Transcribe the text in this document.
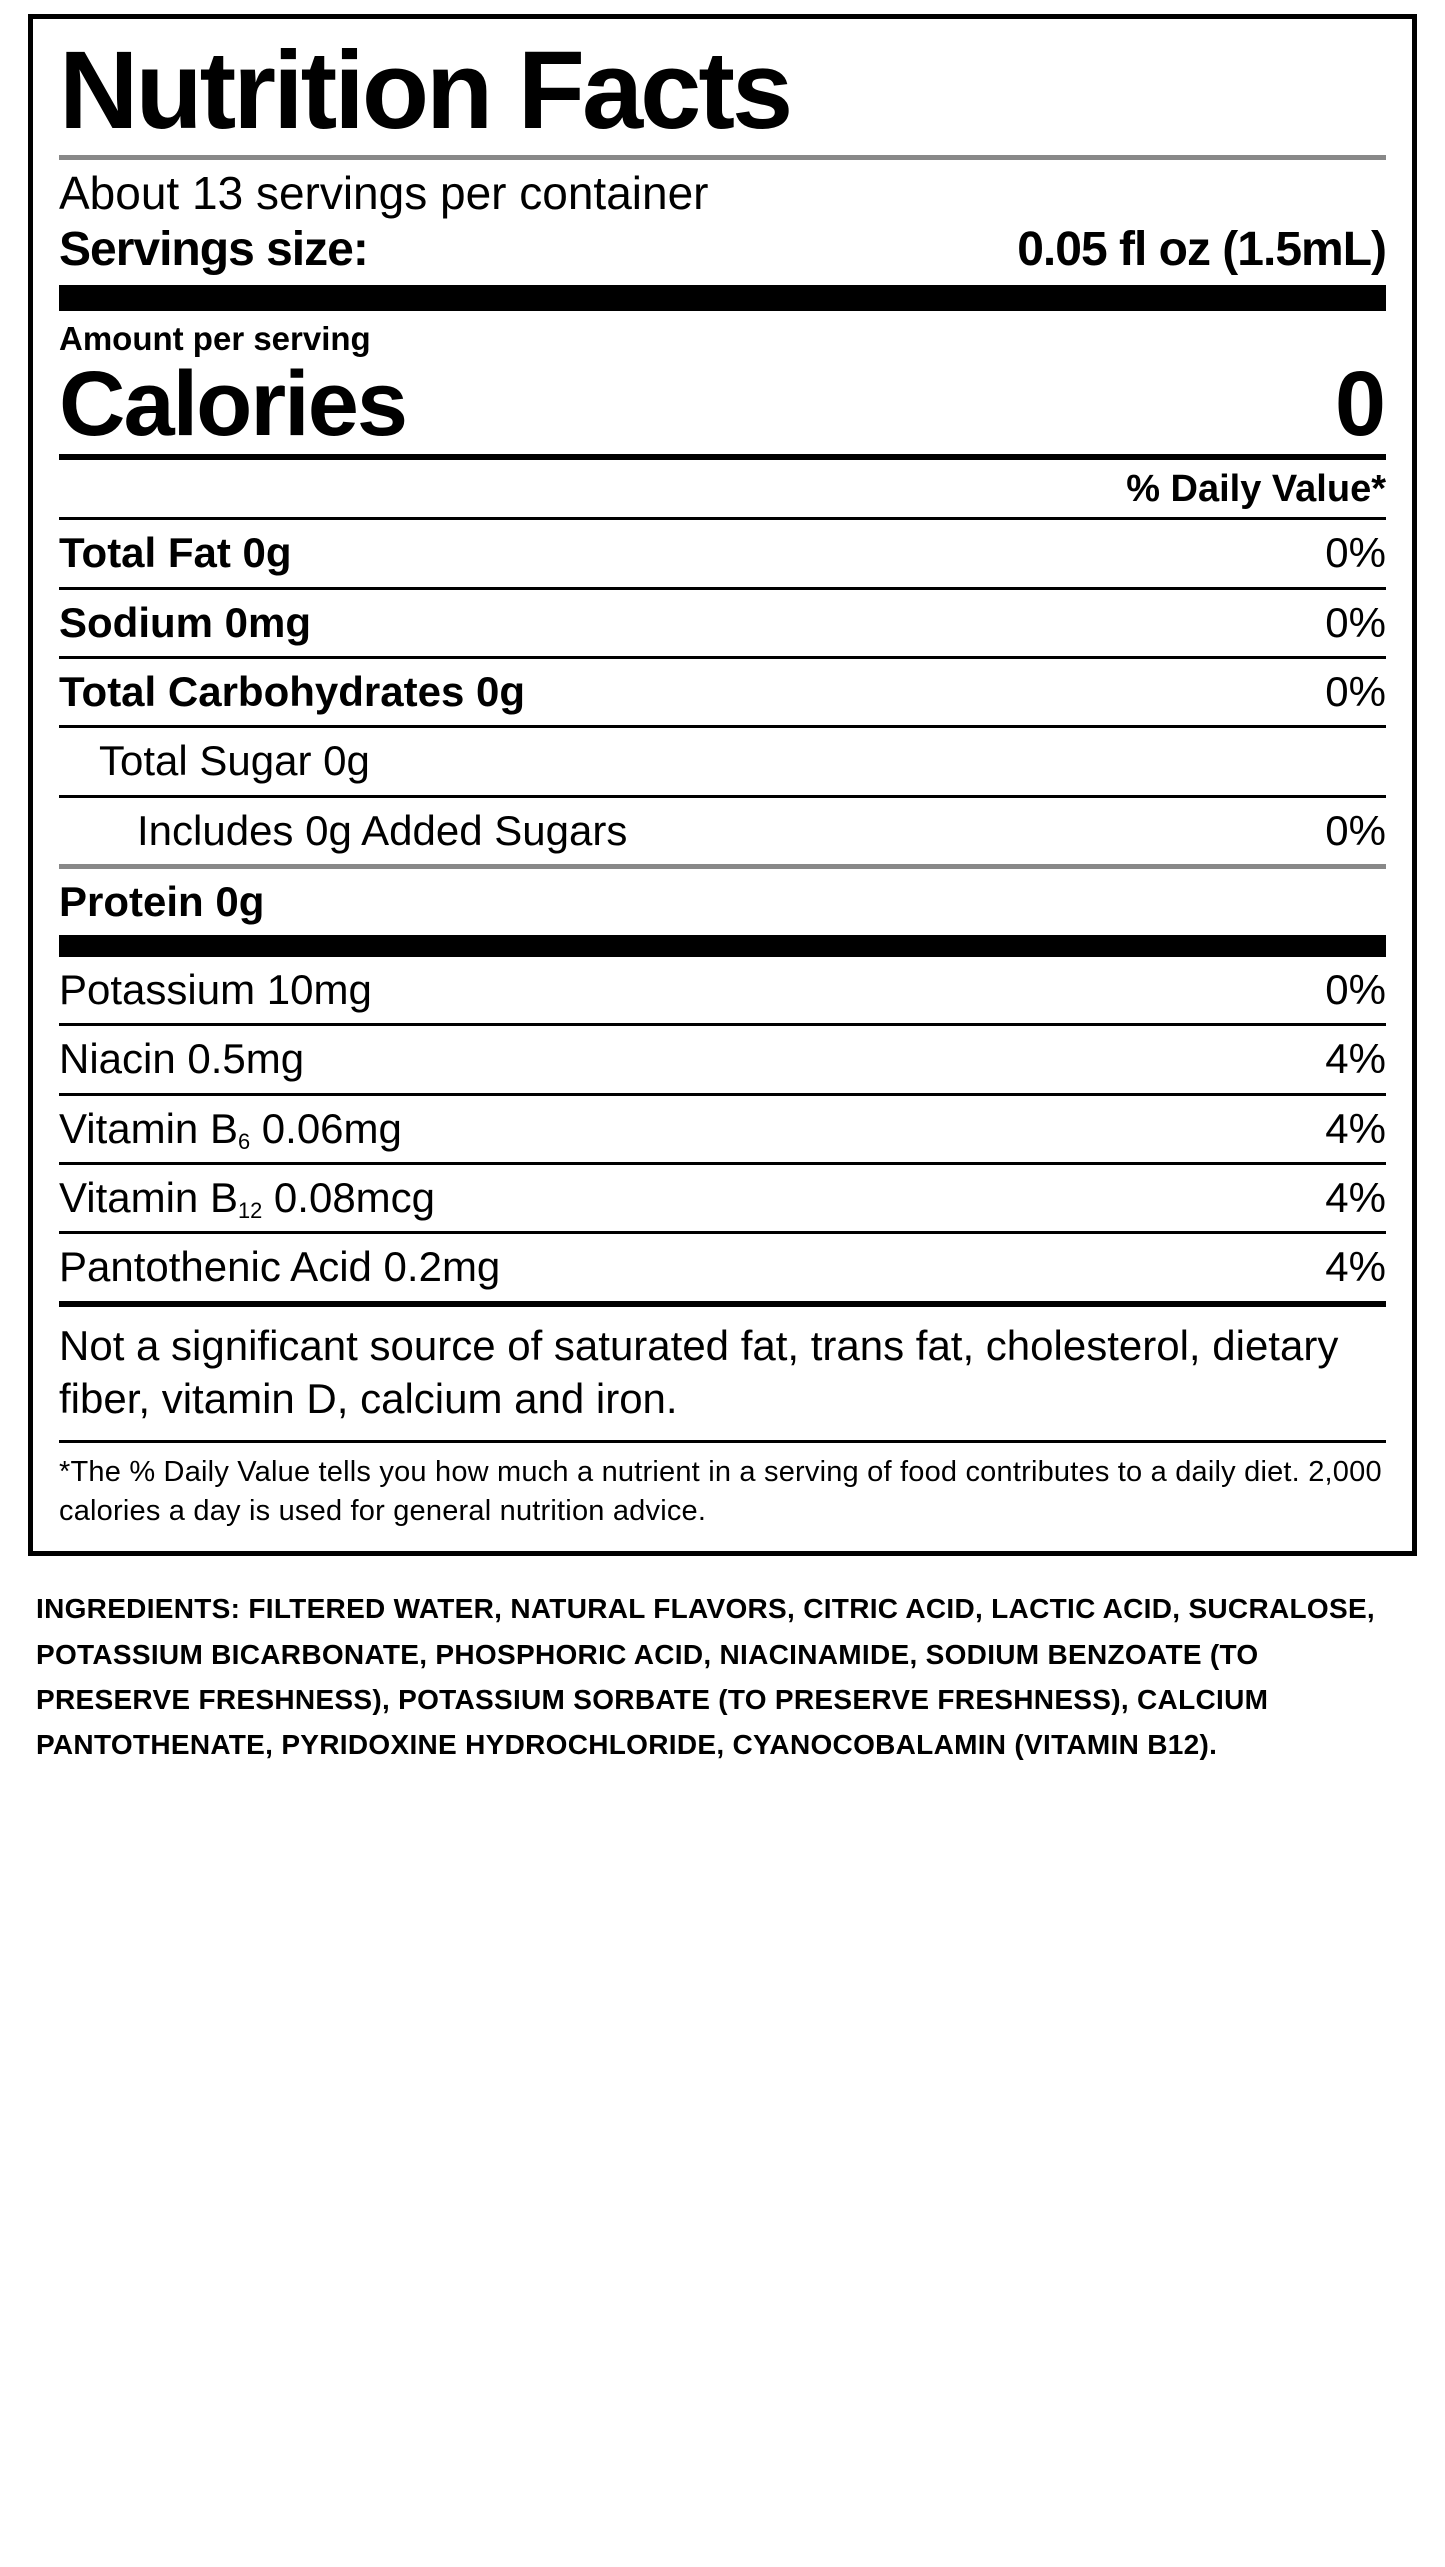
Nutrition Facts
About 13 servings per container
Servings size:	0.05 fl oz (1.5mL)
Amount per serving
Calories	0
% Daily Value*
Total Fat 0g	0%
Sodium 0mg	0%
Total Carbohydrates 0g	0%
Total Sugar 0g
Includes 0g Added Sugars	0%
Protein 0g
Potassium 10mg	0%
Niacin 0.5mg	4%
Vitamin $B_6$ 0.06mg	4%
Vitamin $B_{12}$ 0.08mcg	4%
Pantothenic Acid 0.2mg	4%
Not a significant source of saturated fat, trans fat, cholesterol, dietary fiber, vitamin D, calcium and iron.
*The % Daily Value tells you how much a nutrient in a serving of food contributes to a daily diet. 2,000 calories a day is used for general nutrition advice.
INGREDIENTS: FILTERED WATER, NATURAL FLAVORS, CITRIC ACID, LACTIC ACID, SUCRALOSE, POTASSIUM BICARBONATE, PHOSPHORIC ACID, NIACINAMIDE, SODIUM BENZOATE (TO PRESERVE FRESHNESS), POTASSIUM SORBATE (TO PRESERVE FRESHNESS), CALCIUM PANTOTHENATE, PYRIDOXINE HYDROCHLORIDE, CYANOCOBALAMIN (VITAMIN B12).
